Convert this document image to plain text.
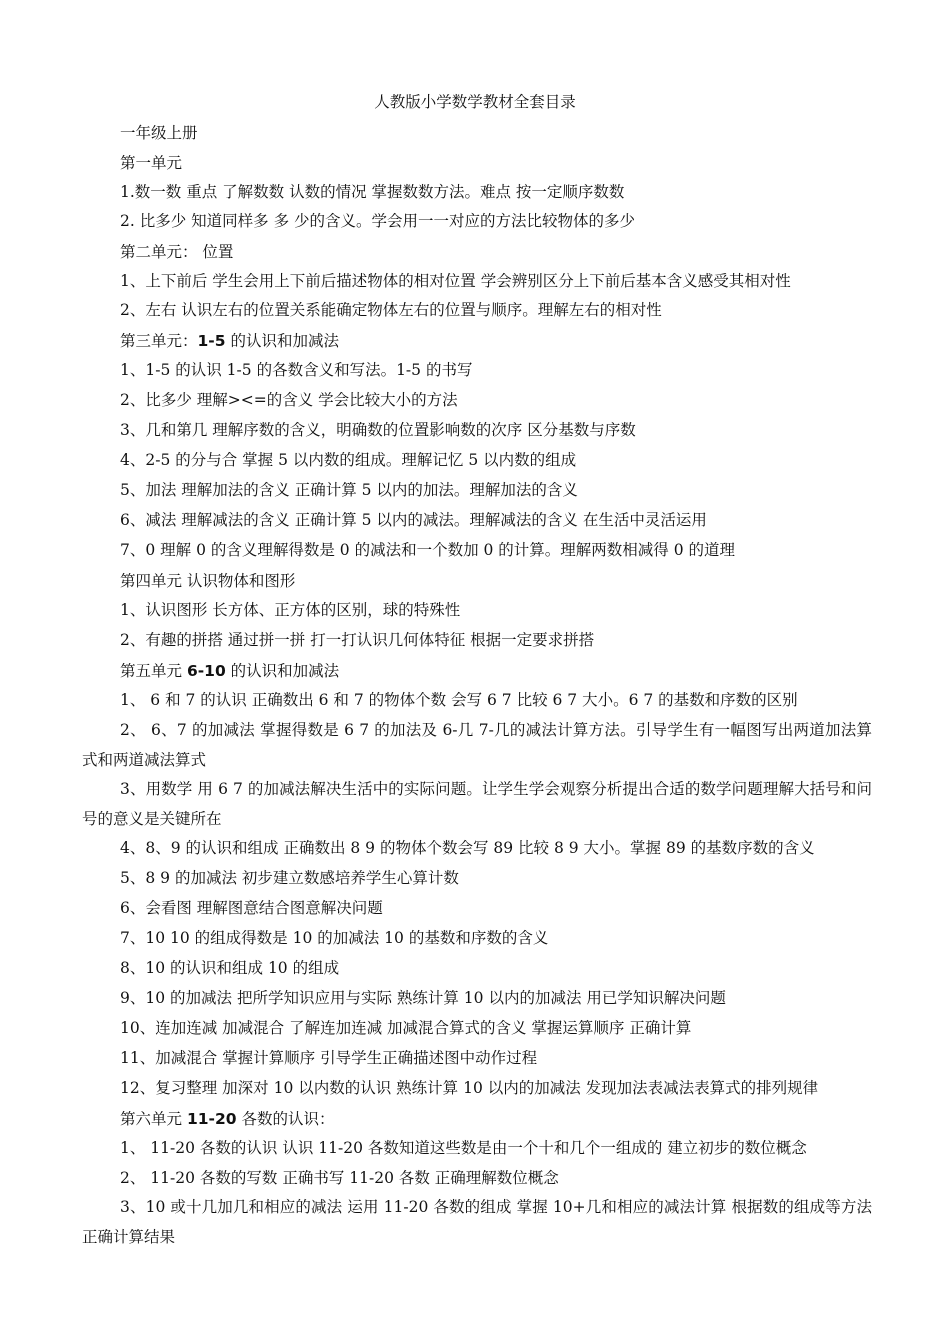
人教版小学数学教材全套目录
一年级上册
第一单元
1.数一数 重点 了解数数 认数的情况 掌握数数方法。难点 按一定顺序数数
2. 比多少 知道同样多 多 少的含义。学会用一一对应的方法比较物体的多少
第二单元： 位置
1、上下前后 学生会用上下前后描述物体的相对位置 学会辨别区分上下前后基本含义感受其相对性
2、左右 认识左右的位置关系能确定物体左右的位置与顺序。理解左右的相对性
第三单元：1-5 的认识和加减法
1、1-5 的认识 1-5 的各数含义和写法。1-5 的书写
2、比多少 理解><=的含义 学会比较大小的方法
3、几和第几 理解序数的含义，明确数的位置影响数的次序 区分基数与序数
4、2-5 的分与合 掌握 5 以内数的组成。理解记忆 5 以内数的组成
5、加法 理解加法的含义 正确计算 5 以内的加法。理解加法的含义
6、减法 理解减法的含义 正确计算 5 以内的减法。理解减法的含义 在生活中灵活运用
7、0 理解 0 的含义理解得数是 0 的减法和一个数加 0 的计算。理解两数相减得 0 的道理
第四单元 认识物体和图形
1、认识图形 长方体、正方体的区别，球的特殊性
2、有趣的拼搭 通过拼一拼 打一打认识几何体特征 根据一定要求拼搭
第五单元 6-10 的认识和加减法
1、 6 和 7 的认识 正确数出 6 和 7 的物体个数 会写 6 7 比较 6 7 大小。6 7 的基数和序数的区别
2、 6、7 的加减法 掌握得数是 6 7 的加法及 6-几 7-几的减法计算方法。引导学生有一幅图写出两道加法算式和两道减法算式
3、用数学 用 6 7 的加减法解决生活中的实际问题。让学生学会观察分析提出合适的数学问题理解大括号和问号的意义是关键所在
4、8、9 的认识和组成 正确数出 8 9 的物体个数会写 89 比较 8 9 大小。掌握 89 的基数序数的含义
5、8 9 的加减法 初步建立数感培养学生心算计数
6、会看图 理解图意结合图意解决问题
7、10 10 的组成得数是 10 的加减法 10 的基数和序数的含义
8、10 的认识和组成 10 的组成
9、10 的加减法 把所学知识应用与实际 熟练计算 10 以内的加减法 用已学知识解决问题
10、连加连减 加减混合 了解连加连减 加减混合算式的含义 掌握运算顺序 正确计算
11、加减混合 掌握计算顺序 引导学生正确描述图中动作过程
12、复习整理 加深对 10 以内数的认识 熟练计算 10 以内的加减法 发现加法表减法表算式的排列规律
第六单元 11-20 各数的认识：
1、 11-20 各数的认识 认识 11-20 各数知道这些数是由一个十和几个一组成的 建立初步的数位概念
2、 11-20 各数的写数 正确书写 11-20 各数 正确理解数位概念
3、10 或十几加几和相应的减法 运用 11-20 各数的组成 掌握 10+几和相应的减法计算 根据数的组成等方法正确计算结果
